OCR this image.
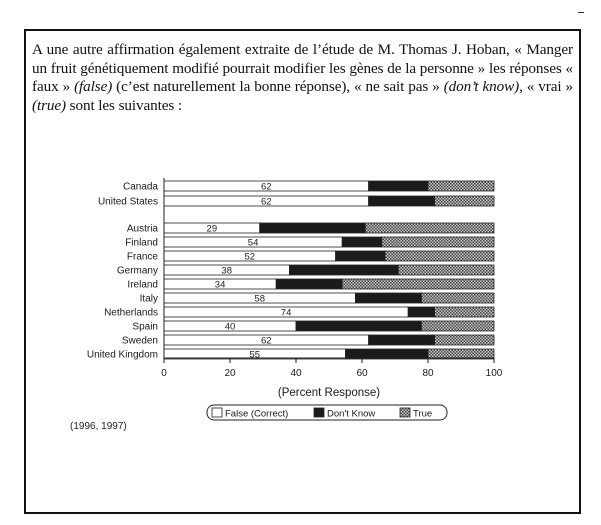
A une autre affirmation également extraite de l’étude de M. Thomas J. Hoban, « Manger un fruit génétiquement modifié pourrait modifier les gènes de la personne » les réponses « faux » (false) (c’est naturellement la bonne réponse), « ne sait pas » (don’t know), « vrai » (true) sont les suivantes :
Canada	62
United States	62
Austria	29
Finland	54
France	52
Germany	38
Ireland	34
Italy	58
Netherlands	74
Spain	40
Sweden	62
United Kingdom	55
0	20	40	60	80	100
(Percent Response)
False (Correct)	Don't Know	True
(1996, 1997)
